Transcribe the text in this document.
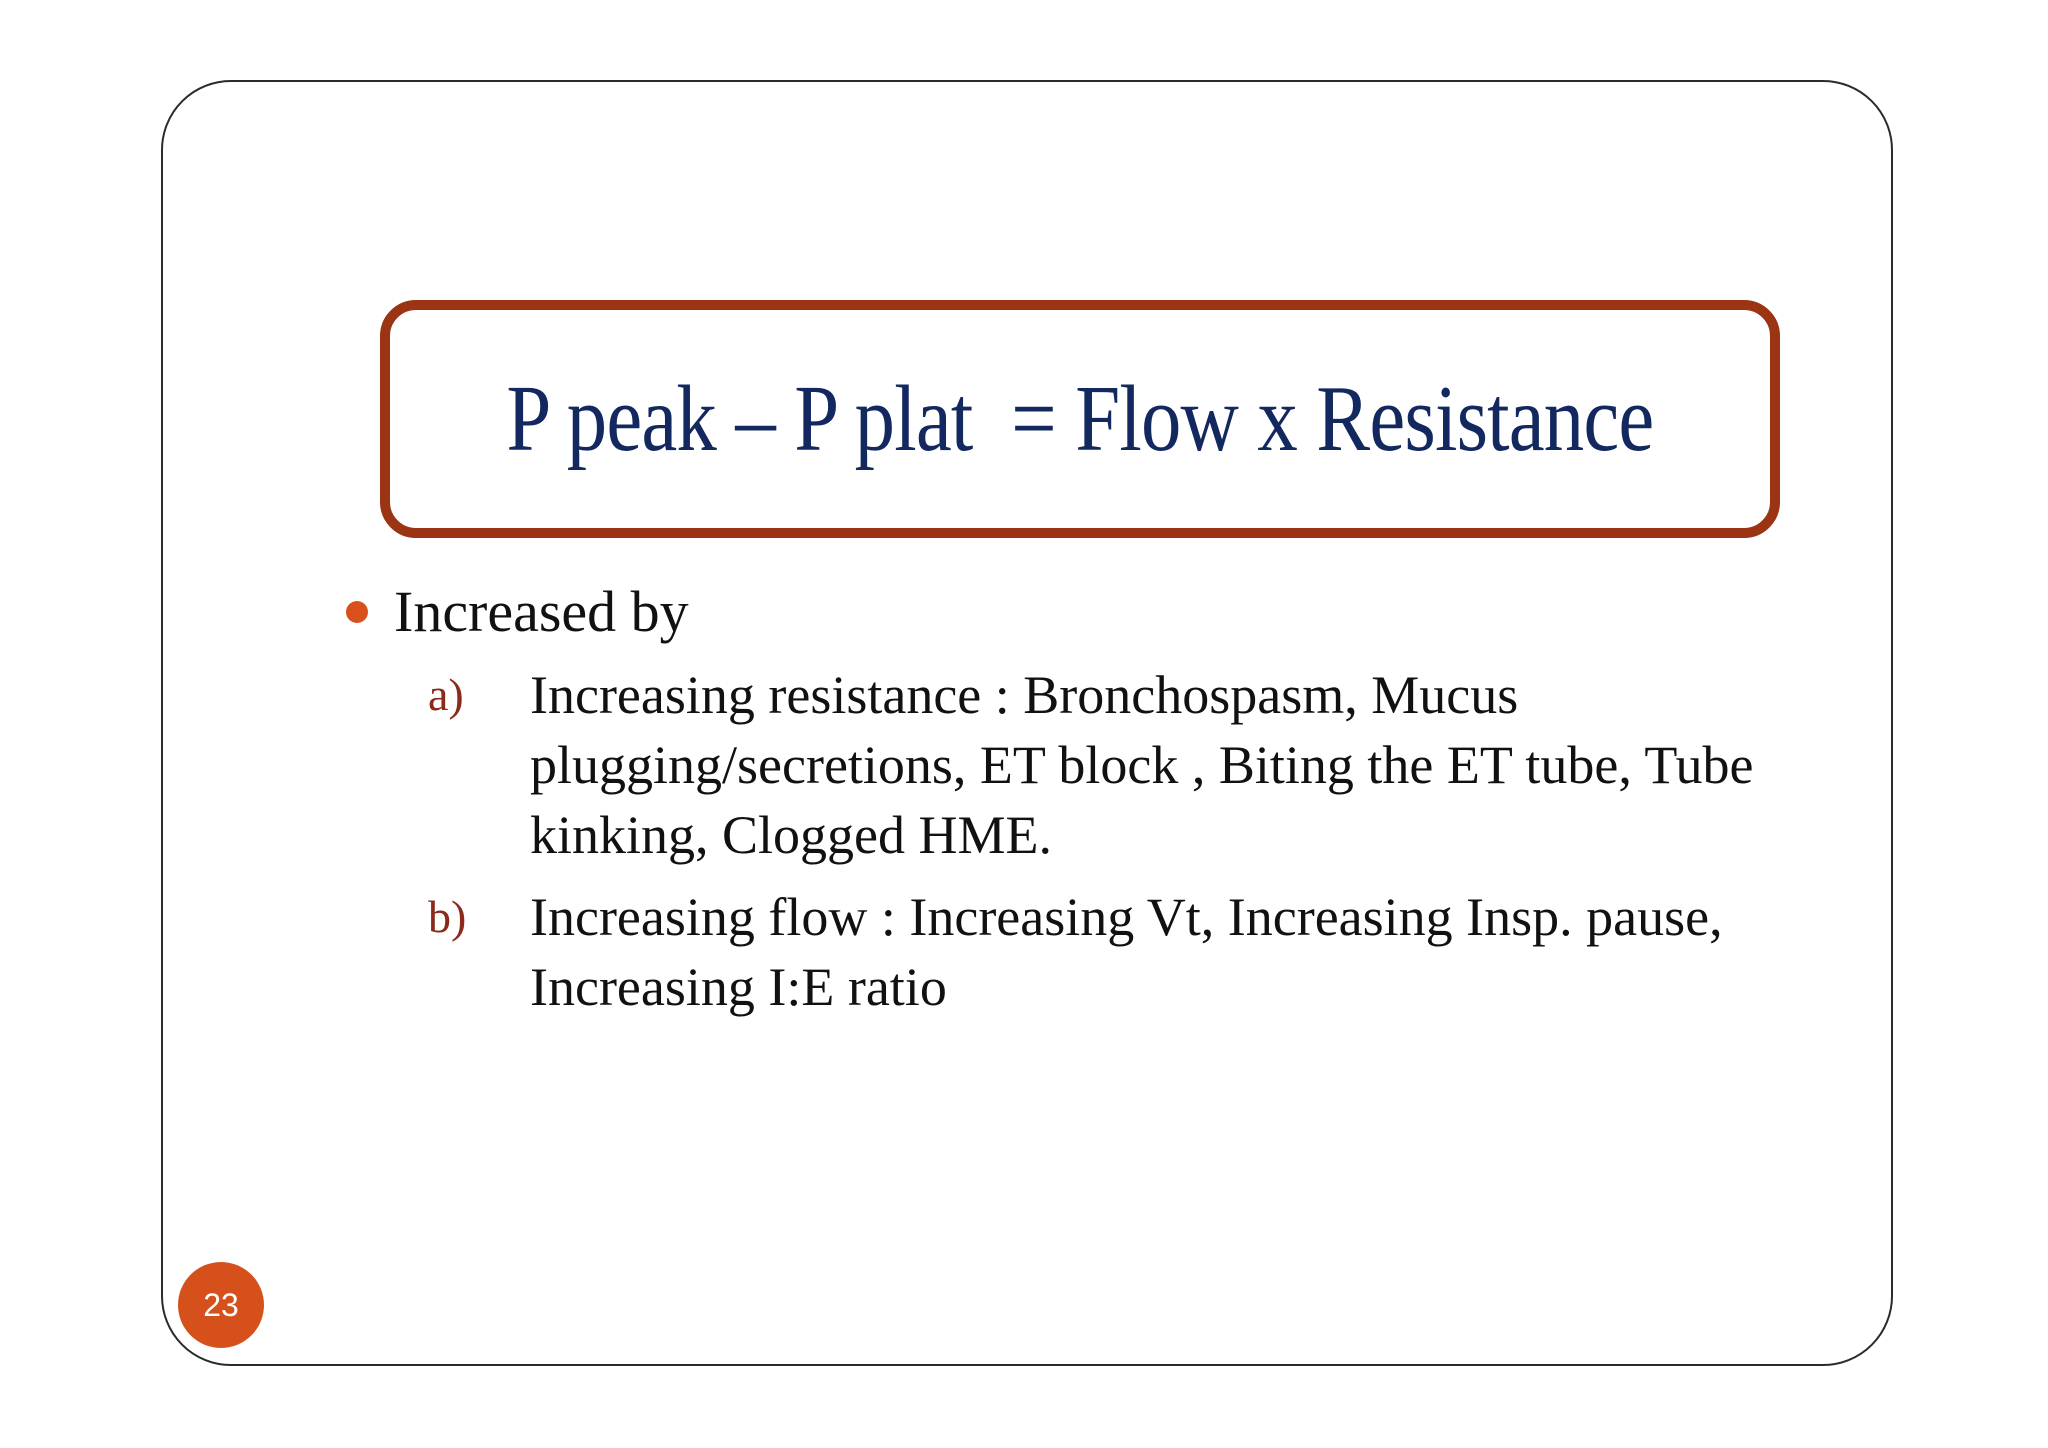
P peak – P plat  = Flow x Resistance
Increased by
a)	Increasing resistance : Bronchospasm, Mucus plugging/secretions, ET block , Biting the ET tube, Tube kinking, Clogged HME.
b)	Increasing flow : Increasing Vt, Increasing Insp. pause, Increasing I:E ratio
23
